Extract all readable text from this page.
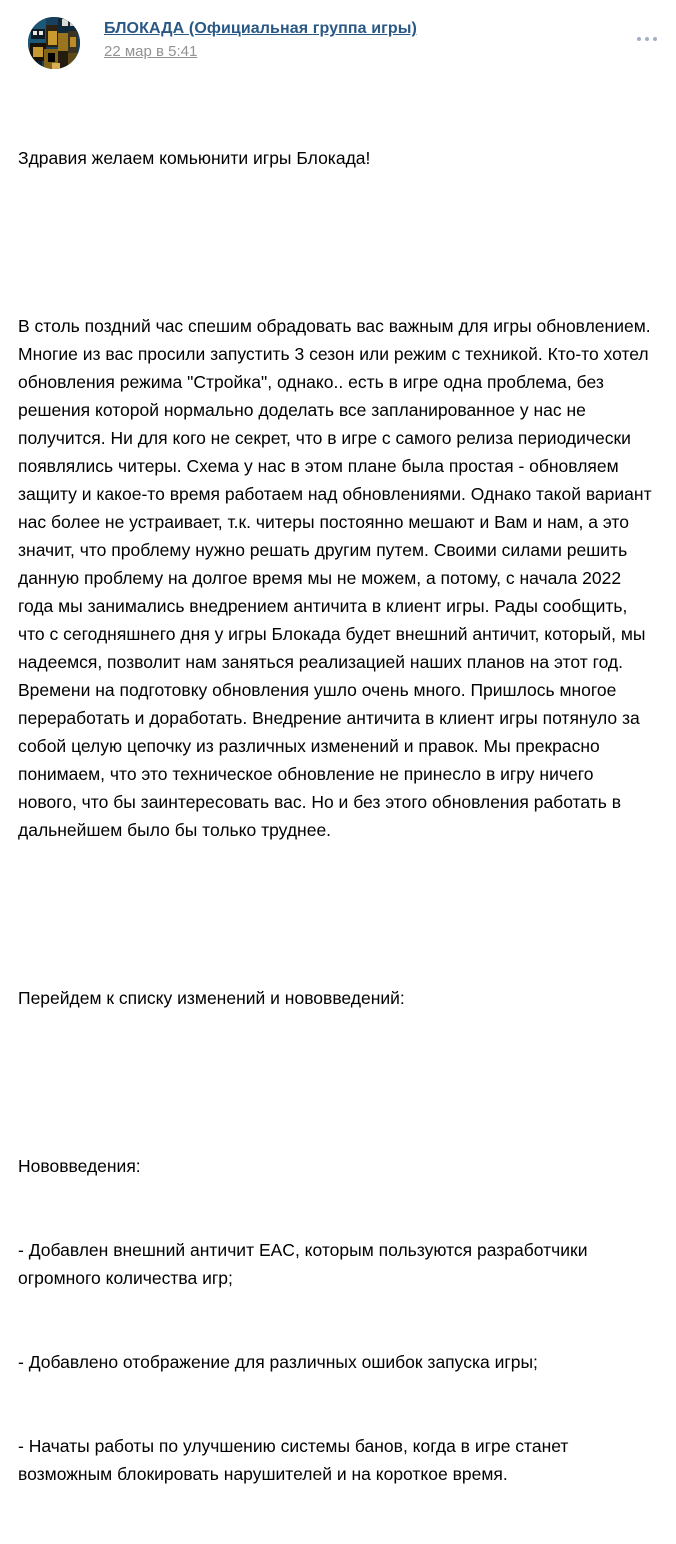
БЛОКАДА (Официальная группа игры)
22 мар в 5:41

Здравия желаем комьюнити игры Блокада!

В столь поздний час спешим обрадовать вас важным для игры обновлением. Многие из вас просили запустить 3 сезон или режим с техникой. Кто-то хотел обновления режима "Стройка", однако.. есть в игре одна проблема, без решения которой нормально доделать все запланированное у нас не получится. Ни для кого не секрет, что в игре с самого релиза периодически появлялись читеры. Схема у нас в этом плане была простая - обновляем защиту и какое-то время работаем над обновлениями. Однако такой вариант нас более не устраивает, т.к. читеры постоянно мешают и Вам и нам, а это значит, что проблему нужно решать другим путем. Своими силами решить данную проблему на долгое время мы не можем, а потому, с начала 2022 года мы занимались внедрением античита в клиент игры. Рады сообщить, что с сегодняшнего дня у игры Блокада будет внешний античит, который, мы надеемся, позволит нам заняться реализацией наших планов на этот год. Времени на подготовку обновления ушло очень много. Пришлось многое переработать и доработать. Внедрение античита в клиент игры потянуло за собой целую цепочку из различных изменений и правок. Мы прекрасно понимаем, что это техническое обновление не принесло в игру ничего нового, что бы заинтересовать вас. Но и без этого обновления работать в дальнейшем было бы только труднее.

Перейдем к списку изменений и нововведений:

Нововведения:

- Добавлен внешний античит EAC, которым пользуются разработчики огромного количества игр;

- Добавлено отображение для различных ошибок запуска игры;

- Начаты работы по улучшению системы банов, когда в игре станет возможным блокировать нарушителей и на короткое время.
